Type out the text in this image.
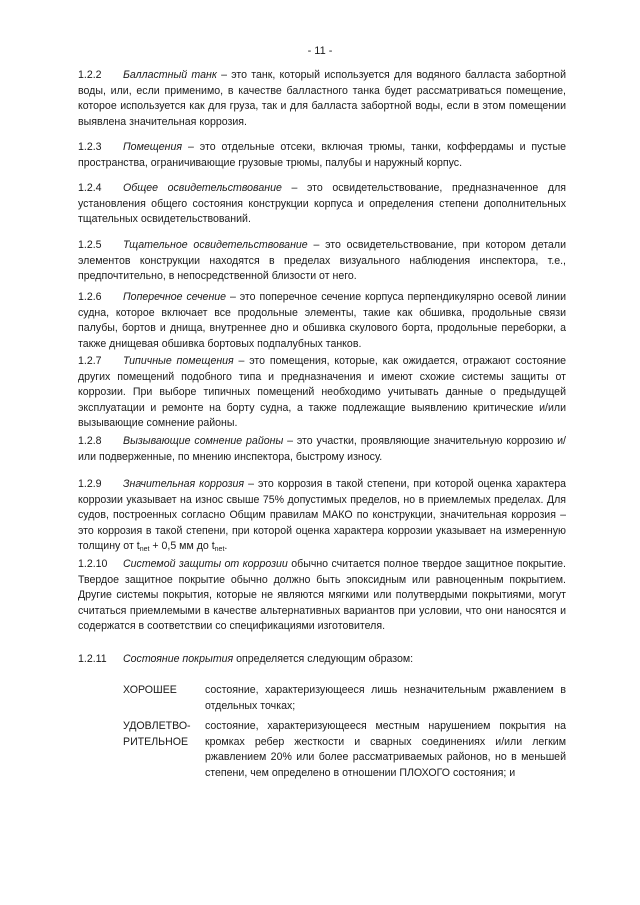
- 11 -
1.2.2 Балластный танк – это танк, который используется для водяного балласта забортной воды, или, если применимо, в качестве балластного танка будет рассматриваться помещение, которое используется как для груза, так и для балласта забортной воды, если в этом помещении выявлена значительная коррозия.
1.2.3 Помещения – это отдельные отсеки, включая трюмы, танки, коффердамы и пустые пространства, ограничивающие грузовые трюмы, палубы и наружный корпус.
1.2.4 Общее освидетельствование – это освидетельствование, предназначенное для установления общего состояния конструкции корпуса и определения степени дополнительных тщательных освидетельствований.
1.2.5 Тщательное освидетельствование – это освидетельствование, при котором детали элементов конструкции находятся в пределах визуального наблюдения инспектора, т.е., предпочтительно, в непосредственной близости от него.
1.2.6 Поперечное сечение – это поперечное сечение корпуса перпендикулярно осевой линии судна, которое включает все продольные элементы, такие как обшивка, продольные связи палубы, бортов и днища, внутреннее дно и обшивка скулового борта, продольные переборки, а также днищевая обшивка бортовых подпалубных танков.
1.2.7 Типичные помещения – это помещения, которые, как ожидается, отражают состояние других помещений подобного типа и предназначения и имеют схожие системы защиты от коррозии. При выборе типичных помещений необходимо учитывать данные о предыдущей эксплуатации и ремонте на борту судна, а также подлежащие выявлению критические и/или вызывающие сомнение районы.
1.2.8 Вызывающие сомнение районы – это участки, проявляющие значительную коррозию и/или подверженные, по мнению инспектора, быстрому износу.
1.2.9 Значительная коррозия – это коррозия в такой степени, при которой оценка характера коррозии указывает на износ свыше 75% допустимых пределов, но в приемлемых пределах. Для судов, построенных согласно Общим правилам МАКО по конструкции, значительная коррозия – это коррозия в такой степени, при которой оценка характера коррозии указывает на измеренную толщину от $t_{net} + 0,5$ мм до $t_{net}$.
1.2.10 Системой защиты от коррозии обычно считается полное твердое защитное покрытие. Твердое защитное покрытие обычно должно быть эпоксидным или равноценным покрытием. Другие системы покрытия, которые не являются мягкими или полутвердыми покрытиями, могут считаться приемлемыми в качестве альтернативных вариантов при условии, что они наносятся и содержатся в соответствии со спецификациями изготовителя.
1.2.11 Состояние покрытия определяется следующим образом:
ХОРОШЕЕ	состояние, характеризующееся лишь незначительным ржавлением в отдельных точках;
УДОВЛЕТВО-РИТЕЛЬНОЕ
состояние, характеризующееся местным нарушением покрытия на кромках ребер жесткости и сварных соединениях и/или легким ржавлением 20% или более рассматриваемых районов, но в меньшей степени, чем определено в отношении ПЛОХОГО состояния; и
